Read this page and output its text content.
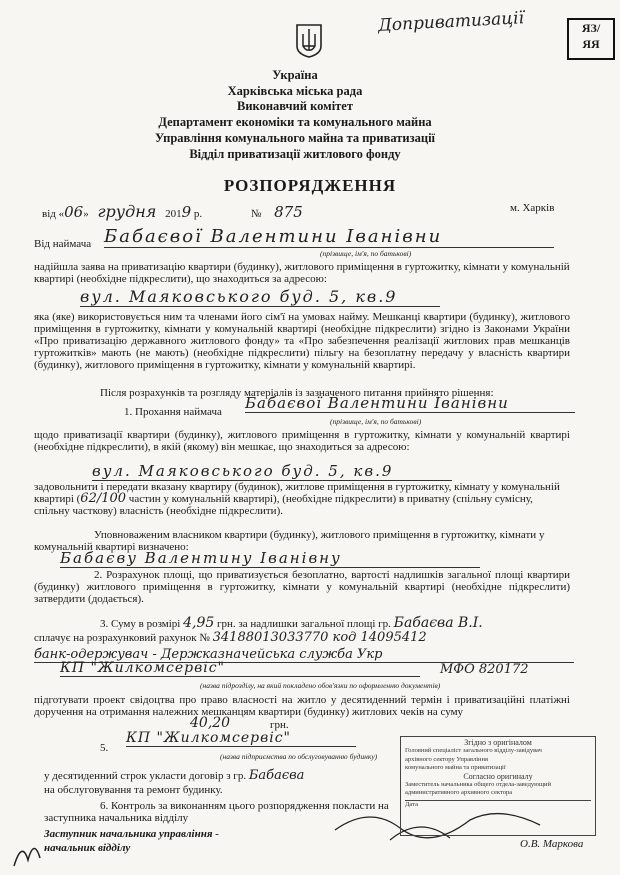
Доприватизації	ЯЗ/
ЯЯ
Україна
Харківська міська рада
Виконавчий комітет
Департамент економіки та комунального майна
Управління комунального майна та приватизації
Відділ приватизації житлового фонду
РОЗПОРЯДЖЕННЯ
від «06» грудня 2019 р.	№ 875	м. Харків
Від наймача Бабаєвої Валентини Іванівни
(прізвище, ім'я, по батькові)
надійшла заява на приватизацію квартири (будинку), житлового приміщення в гуртожитку, кімнати у комунальній квартирі (необхідне підкреслити), що знаходиться за адресою:
вул. Маяковського буд. 5, кв.9
яка (яке) використовується ним та членами його сім'ї на умовах найму. Мешканці квартири (будинку), житлового приміщення в гуртожитку, кімнати у комунальній квартирі (необхідне підкреслити) згідно із Законами України «Про приватизацію державного житлового фонду» та «Про забезпечення реалізації житлових прав мешканців гуртожитків» мають (не мають) (необхідне підкреслити) пільгу на безоплатну передачу у власність квартири (будинку), житлового приміщення в гуртожитку, кімнати у комунальній квартирі.
Після розрахунків та розгляду матеріалів із зазначеного питання прийнято рішення:
1. Прохання наймача Бабаєвої Валентини Іванівни
(прізвище, ім'я, по батькові)
щодо приватизації квартири (будинку), житлового приміщення в гуртожитку, кімнати у комунальній квартирі (необхідне підкреслити), в якій (якому) він мешкає, що знаходиться за адресою:
вул. Маяковського буд. 5, кв.9
задовольнити і передати вказану квартиру (будинок), житлове приміщення в гуртожитку, кімнату у комунальній квартирі (62/100 частин у комунальній квартирі), (необхідне підкреслити) в приватну (спільну сумісну, спільну часткову) власність (необхідне підкреслити).
Уповноваженим власником квартири (будинку), житлового приміщення в гуртожитку, кімнати у комунальній квартирі визначено:
Бабаєву Валентину Іванівну
2. Розрахунок площі, що приватизується безоплатно, вартості надлишків загальної площі квартири (будинку) житлового приміщення в гуртожитку, кімнати у комунальній квартирі (необхідне підкреслити) затвердити (додається).
3. Суму в розмірі 4,95 грн. за надлишки загальної площі гр. Бабаєва В.І.
сплачує на розрахунковий рахунок № 34188013033770 код 14095412
банк-одержувач - Держказначейська служба Укр
МФО 820172
КП "Жилкомсервіс"
(назва підрозділу, на який покладено обов'язки по оформленню документів)
підготувати проект свідоцтва про право власності на житло у десятиденний термін і приватизаційні платіжні доручення на отримання належних мешканцям квартири (будинку) житлових чеків на суму
40,20	грн.
5.
КП "Жилкомсервіс"
(назва підприємства по обслуговуванню будинку)
у десятиденний строк укласти договір з гр. Бабаєва
на обслуговування та ремонт будинку.
6. Контроль за виконанням цього розпорядження покласти на заступника начальника відділу
Заступник начальника управління -
начальник відділу	О.В. Маркова
Згідно з оригіналом
Головний спеціаліст загального відділу-завідувач
архівного сектору Управління
комунального майна та приватизації
Согласно оригиналу
Заместитель начальника общего отдела-заведующий
административного архивного сектора
Дата
